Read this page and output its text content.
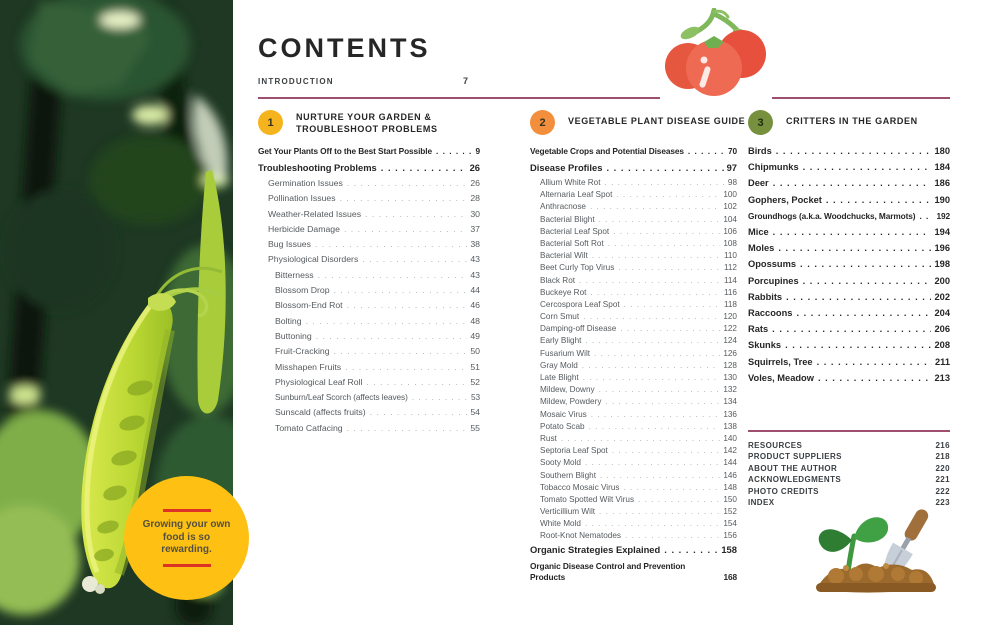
Growing your own food is so rewarding.
CONTENTS
INTRODUCTION	7
1	NURTURE YOUR GARDEN & TROUBLESHOOT PROBLEMS
Get Your Plants Off to the Best Start Possible . . .	9
Troubleshooting Problems . . .	26
Germination Issues . . .	26
Pollination Issues . . .	28
Weather-Related Issues . . .	30
Herbicide Damage . . .	37
Bug Issues . . .	38
Physiological Disorders . . .	43
Bitterness . . .	43
Blossom Drop . . .	44
Blossom-End Rot . . .	46
Bolting . . .	48
Buttoning . . .	49
Fruit-Cracking . . .	50
Misshapen Fruits . . .	51
Physiological Leaf Roll . . .	52
Sunburn/Leaf Scorch (affects leaves) . . .	53
Sunscald (affects fruits) . . .	54
Tomato Catfacing . . .	55
2	VEGETABLE PLANT DISEASE GUIDE
Vegetable Crops and Potential Diseases . . .	70
Disease Profiles . . .	97
Allium White Rot . . .	98
Alternaria Leaf Spot . . .	100
Anthracnose . . .	102
Bacterial Blight . . .	104
Bacterial Leaf Spot . . .	106
Bacterial Soft Rot . . .	108
Bacterial Wilt . . .	110
Beet Curly Top Virus . . .	112
Black Rot . . .	114
Buckeye Rot . . .	116
Cercospora Leaf Spot . . .	118
Corn Smut . . .	120
Damping-off Disease . . .	122
Early Blight . . .	124
Fusarium Wilt . . .	126
Gray Mold . . .	128
Late Blight . . .	130
Mildew, Downy . . .	132
Mildew, Powdery . . .	134
Mosaic Virus . . .	136
Potato Scab . . .	138
Rust . . .	140
Septoria Leaf Spot . . .	142
Sooty Mold . . .	144
Southern Blight . . .	146
Tobacco Mosaic Virus . . .	148
Tomato Spotted Wilt Virus . . .	150
Verticillium Wilt . . .	152
White Mold . . .	154
Root-Knot Nematodes . . .	156
Organic Strategies Explained . . .	158
Organic Disease Control and Prevention Products	168
3	CRITTERS IN THE GARDEN
Birds . . .	180
Chipmunks . . .	184
Deer . . .	186
Gophers, Pocket . . .	190
Groundhogs (a.k.a. Woodchucks, Marmots) . . .	192
Mice . . .	194
Moles . . .	196
Opossums . . .	198
Porcupines . . .	200
Rabbits . . .	202
Raccoons . . .	204
Rats . . .	206
Skunks . . .	208
Squirrels, Tree . . .	211
Voles, Meadow . . .	213
RESOURCES	216
PRODUCT SUPPLIERS	218
ABOUT THE AUTHOR	220
ACKNOWLEDGMENTS	221
PHOTO CREDITS	222
INDEX	223
